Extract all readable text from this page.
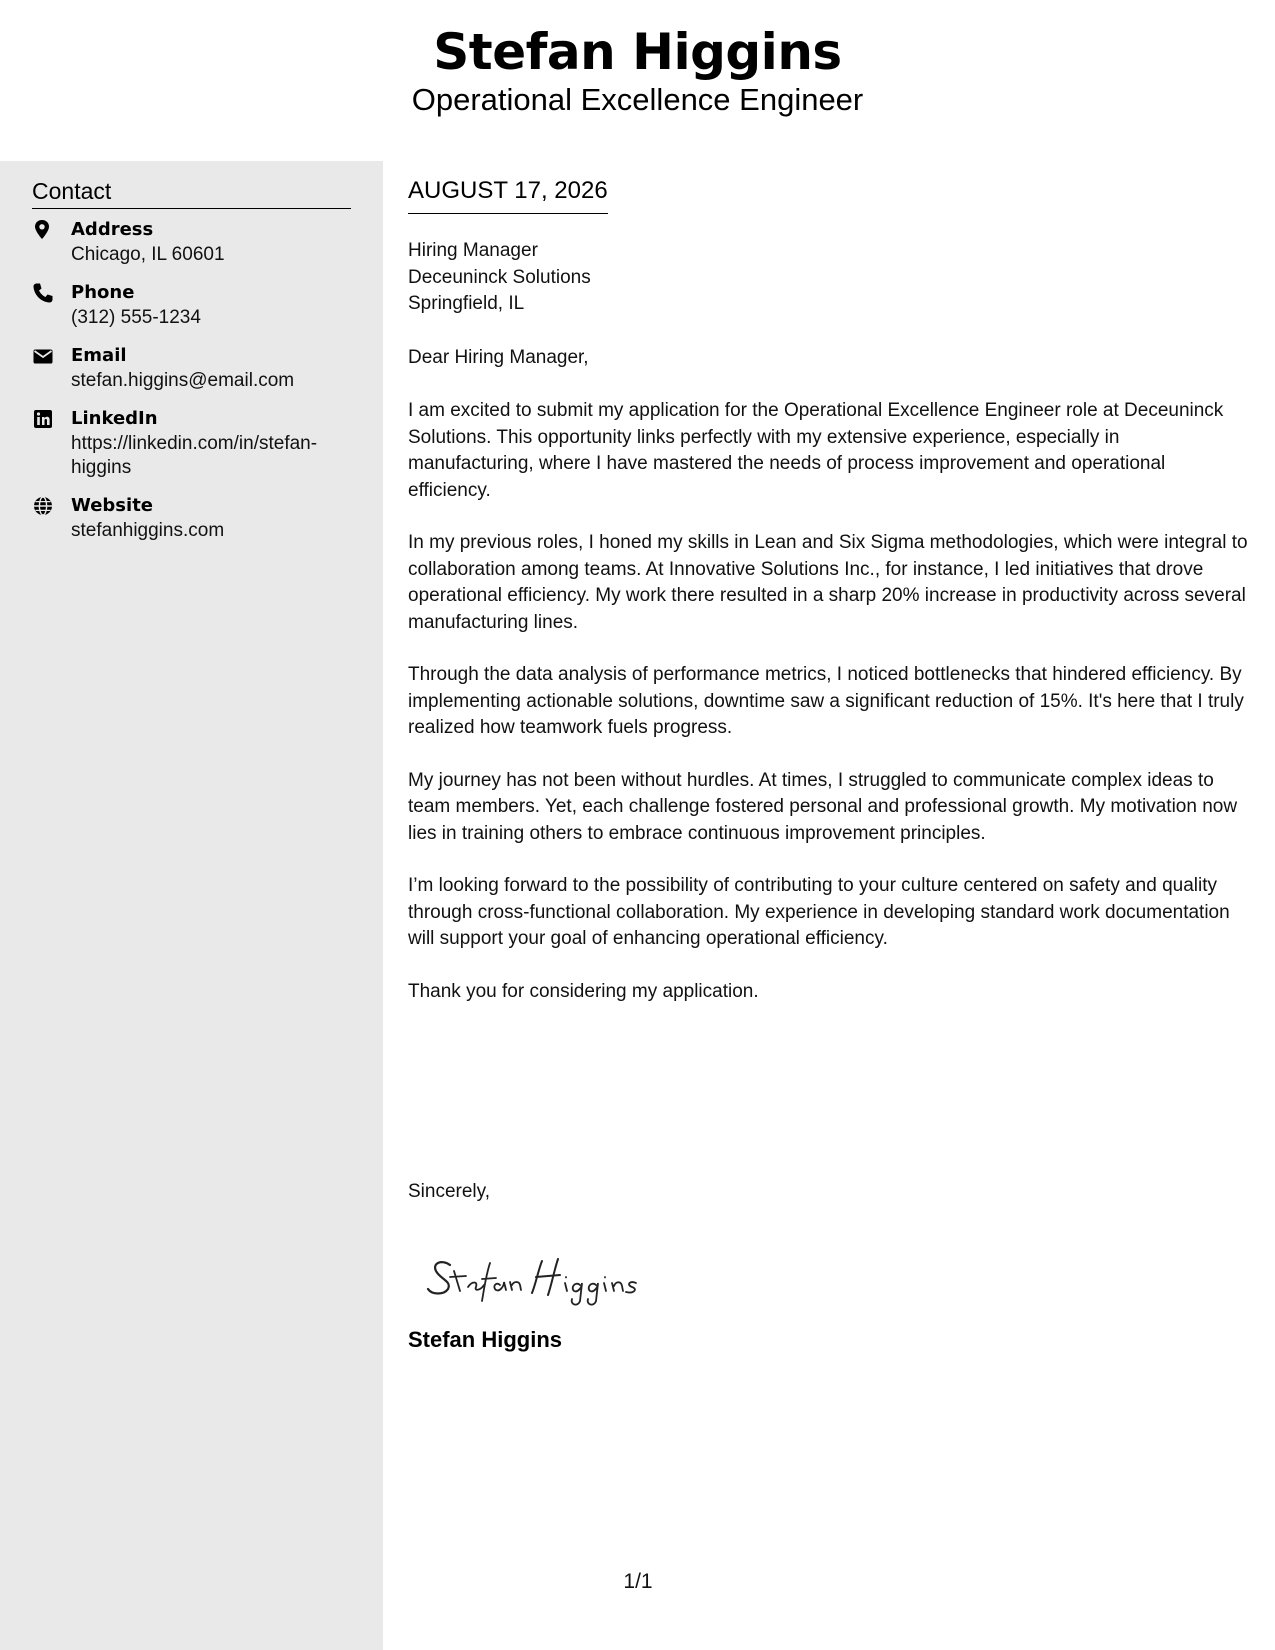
Stefan Higgins
Operational Excellence Engineer
Contact
Address
Chicago, IL 60601
Phone
(312) 555-1234
Email
stefan.higgins@email.com
LinkedIn
https://linkedin.com/in/stefan-higgins
Website
stefanhiggins.com
AUGUST 17, 2026
Hiring Manager
Deceuninck Solutions
Springfield, IL
Dear Hiring Manager,

I am excited to submit my application for the Operational Excellence Engineer role at Deceuninck Solutions. This opportunity links perfectly with my extensive experience, especially in manufacturing, where I have mastered the needs of process improvement and operational efficiency.

In my previous roles, I honed my skills in Lean and Six Sigma methodologies, which were integral to collaboration among teams. At Innovative Solutions Inc., for instance, I led initiatives that drove operational efficiency. My work there resulted in a sharp 20% increase in productivity across several manufacturing lines.

Through the data analysis of performance metrics, I noticed bottlenecks that hindered efficiency. By implementing actionable solutions, downtime saw a significant reduction of 15%. It's here that I truly realized how teamwork fuels progress.

My journey has not been without hurdles. At times, I struggled to communicate complex ideas to team members. Yet, each challenge fostered personal and professional growth. My motivation now lies in training others to embrace continuous improvement principles.

I’m looking forward to the possibility of contributing to your culture centered on safety and quality through cross-functional collaboration. My experience in developing standard work documentation will support your goal of enhancing operational efficiency.

Thank you for considering my application.

Sincerely,
Stefan Higgins
1/1
